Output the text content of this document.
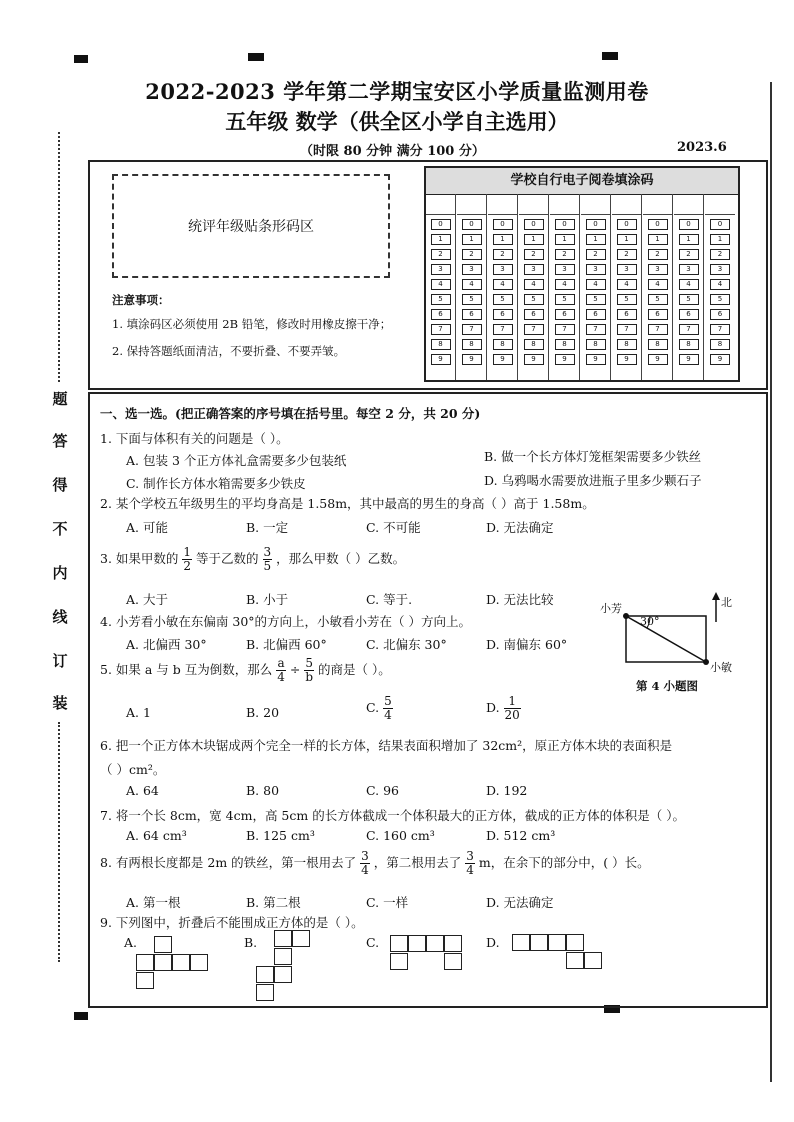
2022-2023 学年第二学期宝安区小学质量监测用卷
五年级 数学（供全区小学自主选用）
（时限 80 分钟 满分 100 分）	2023.6
题
答
得
不
内
线
订
装
统评年级贴条形码区
注意事项：
1. 填涂码区必须使用 2B 铅笔，修改时用橡皮擦干净；
2. 保持答题纸面清洁，不要折叠、不要弄皱。
学校自行电子阅卷填涂码
0
1
2
3
4
5
6
7
8
9
0
1
2
3
4
5
6
7
8
9
0
1
2
3
4
5
6
7
8
9
0
1
2
3
4
5
6
7
8
9
0
1
2
3
4
5
6
7
8
9
0
1
2
3
4
5
6
7
8
9
0
1
2
3
4
5
6
7
8
9
0
1
2
3
4
5
6
7
8
9
0
1
2
3
4
5
6
7
8
9
0
1
2
3
4
5
6
7
8
9
一、选一选。(把正确答案的序号填在括号里。每空 2 分，共 20 分)
1. 下面与体积有关的问题是（ ）。
A. 包装 3 个正方体礼盒需要多少包装纸	B. 做一个长方体灯笼框架需要多少铁丝
C. 制作长方体水箱需要多少铁皮	D. 乌鸦喝水需要放进瓶子里多少颗石子
2. 某个学校五年级男生的平均身高是 1.58m，其中最高的男生的身高（ ）高于 1.58m。
A. 可能	B. 一定	C. 不可能	D. 无法确定
3. 如果甲数的 $\frac{1}{2}$ 等于乙数的 $\frac{3}{5}$ ，那么甲数（ ）乙数。
A. 大于	B. 小于	C. 等于.	D. 无法比较
4. 小芳看小敏在东偏南 30°的方向上，小敏看小芳在（ ）方向上。
A. 北偏西 30°	B. 北偏西 60°	C. 北偏东 30°	D. 南偏东 60°
小芳
30°
北
小敏
第 4 小题图
5. 如果 a 与 b 互为倒数，那么 $\frac{a}{4} \div \frac{5}{b}$ 的商是（ ）。
A. 1	B. 20	C. $\frac{5}{4}$	D. $\frac{1}{20}$
6. 把一个正方体木块锯成两个完全一样的长方体，结果表面积增加了 32cm²，原正方体木块的表面积是
（ ）cm²。
A. 64	B. 80	C. 96	D. 192
7. 将一个长 8cm，宽 4cm，高 5cm 的长方体截成一个体积最大的正方体，截成的正方体的体积是（ ）。
A. 64 cm³	B. 125 cm³	C. 160 cm³	D. 512 cm³
8. 有两根长度都是 2m 的铁丝，第一根用去了 $\frac{3}{4}$ ，第二根用去了 $\frac{3}{4}$ m，在余下的部分中，( ）长。
A. 第一根	B. 第二根	C. 一样	D. 无法确定
9. 下列图中，折叠后不能围成正方体的是（ ）。
A.	B.	C.	D.
